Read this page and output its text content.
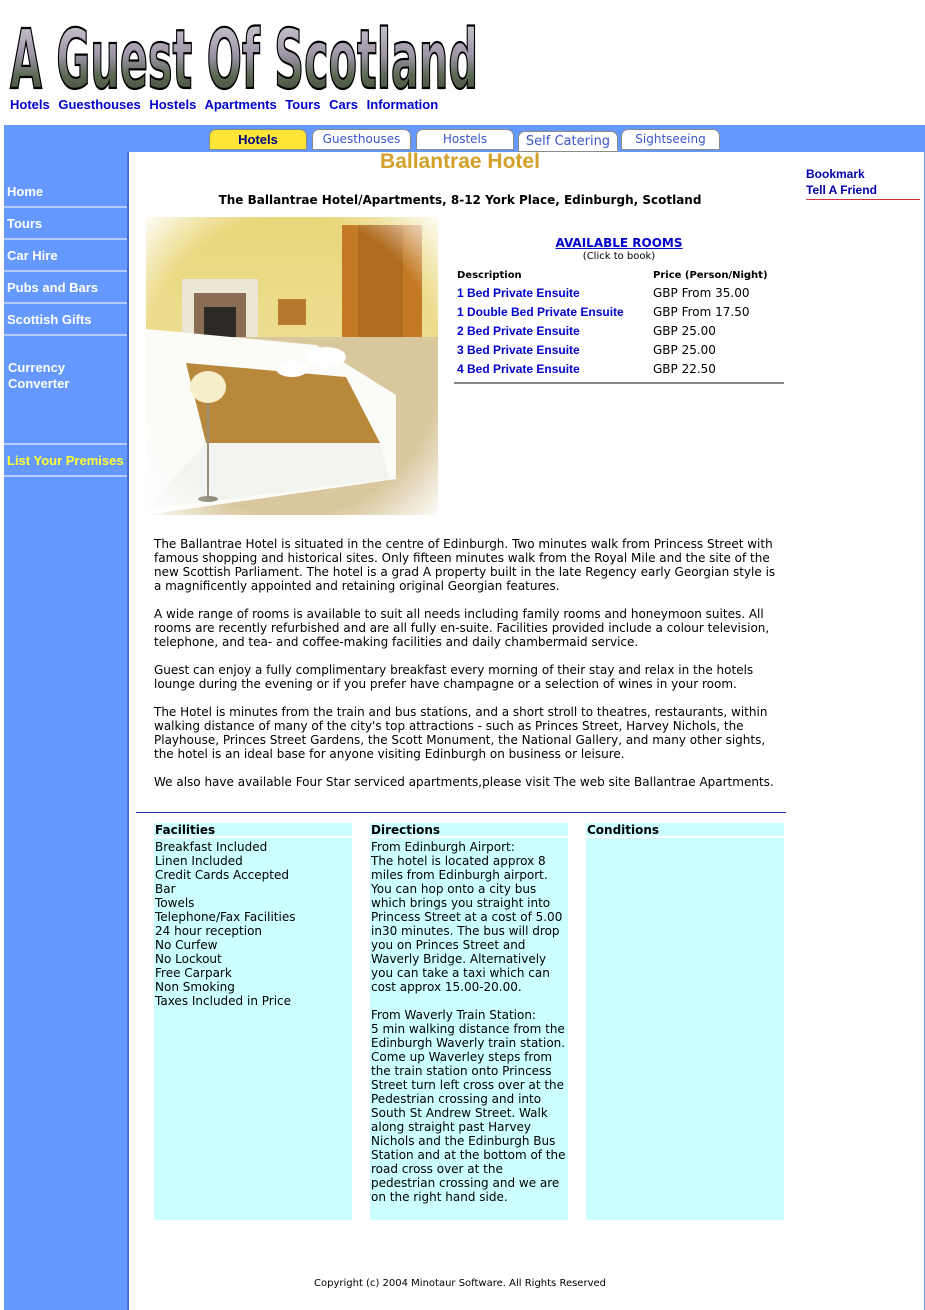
A Guest Of Scotland
Hotels Guesthouses Hostels Apartments Tours Cars Information
Hotels	Guesthouses	Hostels	Self Catering	Sightseeing
Home
Tours
Car Hire
Pubs and Bars
Scottish Gifts
Currency Converter
List Your Premises
Bookmark
Tell A Friend
Ballantrae Hotel
The Ballantrae Hotel/Apartments, 8-12 York Place, Edinburgh, Scotland
AVAILABLE ROOMS
(Click to book)
Description	Price (Person/Night)
1 Bed Private Ensuite	GBP From 35.00
1 Double Bed Private Ensuite	GBP From 17.50
2 Bed Private Ensuite	GBP 25.00
3 Bed Private Ensuite	GBP 25.00
4 Bed Private Ensuite	GBP 22.50

The Ballantrae Hotel is situated in the centre of Edinburgh. Two minutes walk from Princess Street with famous shopping and historical sites. Only fifteen minutes walk from the Royal Mile and the site of the new Scottish Parliament. The hotel is a grad A property built in the late Regency early Georgian style is a magnificently appointed and retaining original Georgian features.

A wide range of rooms is available to suit all needs including family rooms and honeymoon suites. All rooms are recently refurbished and are all fully en-suite. Facilities provided include a colour television, telephone, and tea- and coffee-making facilities and daily chambermaid service.

Guest can enjoy a fully complimentary breakfast every morning of their stay and relax in the hotels lounge during the evening or if you prefer have champagne or a selection of wines in your room.

The Hotel is minutes from the train and bus stations, and a short stroll to theatres, restaurants, within walking distance of many of the city's top attractions - such as Princes Street, Harvey Nichols, the Playhouse, Princes Street Gardens, the Scott Monument, the National Gallery, and many other sights, the hotel is an ideal base for anyone visiting Edinburgh on business or leisure.

We also have available Four Star serviced apartments,please visit The web site Ballantrae Apartments.

Facilities
Breakfast Included
Linen Included
Credit Cards Accepted
Bar
Towels
Telephone/Fax Facilities
24 hour reception
No Curfew
No Lockout
Free Carpark
Non Smoking
Taxes Included in Price
Directions
From Edinburgh Airport:
The hotel is located approx 8 miles from Edinburgh airport. You can hop onto a city bus which brings you straight into Princess Street at a cost of 5.00 in30 minutes. The bus will drop you on Princes Street and Waverly Bridge. Alternatively you can take a taxi which can cost approx 15.00-20.00.

From Waverly Train Station:
5 min walking distance from the Edinburgh Waverly train station. Come up Waverley steps from the train station onto Princess Street turn left cross over at the Pedestrian crossing and into South St Andrew Street. Walk along straight past Harvey Nichols and the Edinburgh Bus Station and at the bottom of the road cross over at the pedestrian crossing and we are on the right hand side.
Conditions
Copyright (c) 2004 Minotaur Software. All Rights Reserved
